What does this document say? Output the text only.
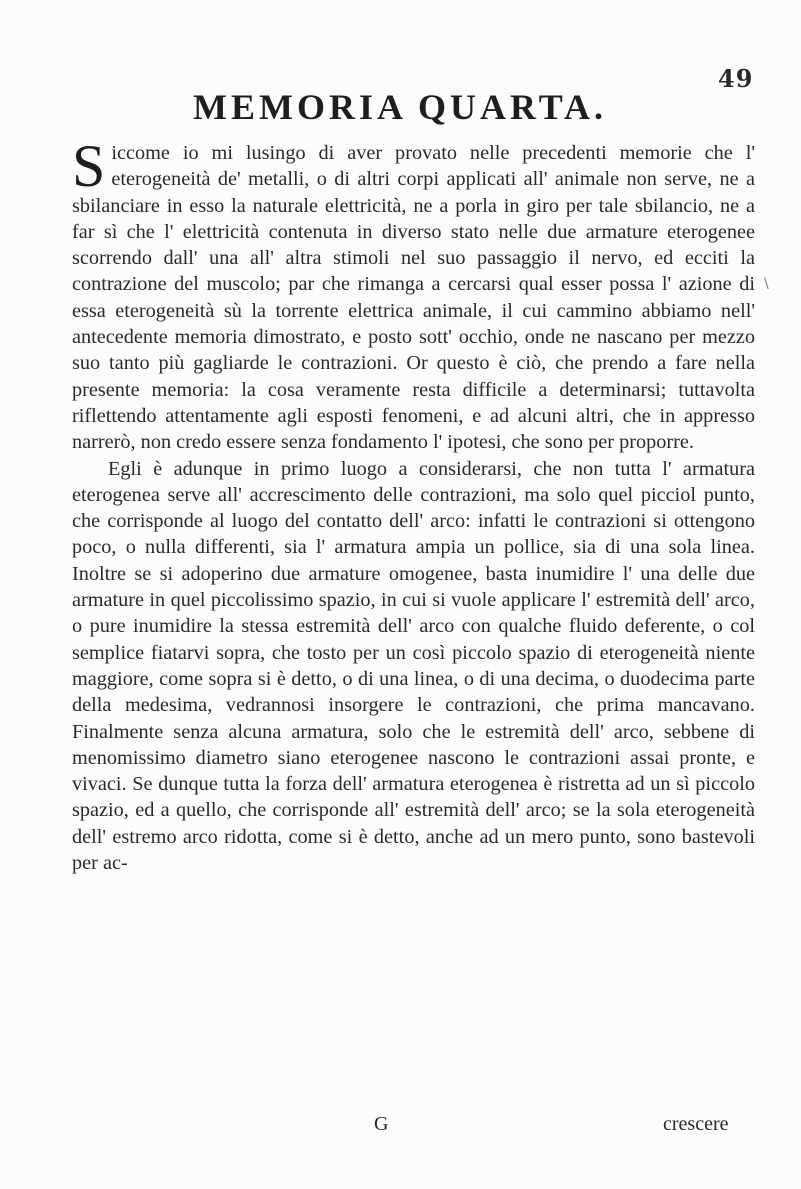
49
MEMORIA QUARTA.
\

Siccome io mi lusingo di aver provato nelle precedenti memorie che l' eterogeneità de' metalli, o di altri corpi applicati all' animale non serve, ne a sbilanciare in esso la naturale elettricità, ne a porla in giro per tale sbilancio, ne a far sì che l' elettricità contenuta in diverso stato nelle due armature eterogenee scorrendo dall' una all' altra stimoli nel suo passaggio il nervo, ed ecciti la contrazione del muscolo; par che rimanga a cercarsi qual esser possa l' azione di essa eterogeneità sù la torrente elettrica animale, il cui cammino abbiamo nell' antecedente memoria dimostrato, e posto sott' occhio, onde ne nascano per mezzo suo tanto più gagliarde le contrazioni. Or questo è ciò, che prendo a fare nella presente memoria: la cosa veramente resta difficile a determinarsi; tuttavolta riflettendo attentamente agli esposti fenomeni, e ad alcuni altri, che in appresso narrerò, non credo essere senza fondamento l' ipotesi, che sono per proporre.

Egli è adunque in primo luogo a considerarsi, che non tutta l' armatura eterogenea serve all' accrescimento delle contrazioni, ma solo quel picciol punto, che corrisponde al luogo del contatto dell' arco: infatti le contrazioni si ottengono poco, o nulla differenti, sia l' armatura ampia un pollice, sia di una sola linea. Inoltre se si adoperino due armature omogenee, basta inumidire l' una delle due armature in quel piccolissimo spazio, in cui si vuole applicare l' estremità dell' arco, o pure inumidire la stessa estremità dell' arco con qualche fluido deferente, o col semplice fiatarvi sopra, che tosto per un così piccolo spazio di eterogeneità niente maggiore, come sopra si è detto, o di una linea, o di una decima, o duodecima parte della medesima, vedrannosi insorgere le contrazioni, che prima mancavano. Finalmente senza alcuna armatura, solo che le estremità dell' arco, sebbene di menomissimo diametro siano eterogenee nascono le contrazioni assai pronte, e vivaci. Se dunque tutta la forza dell' armatura eterogenea è ristretta ad un sì piccolo spazio, ed a quello, che corrisponde all' estremità dell' arco; se la sola eterogeneità dell' estremo arco ridotta, come si è detto, anche ad un mero punto, sono bastevoli per ac-

G	crescere
